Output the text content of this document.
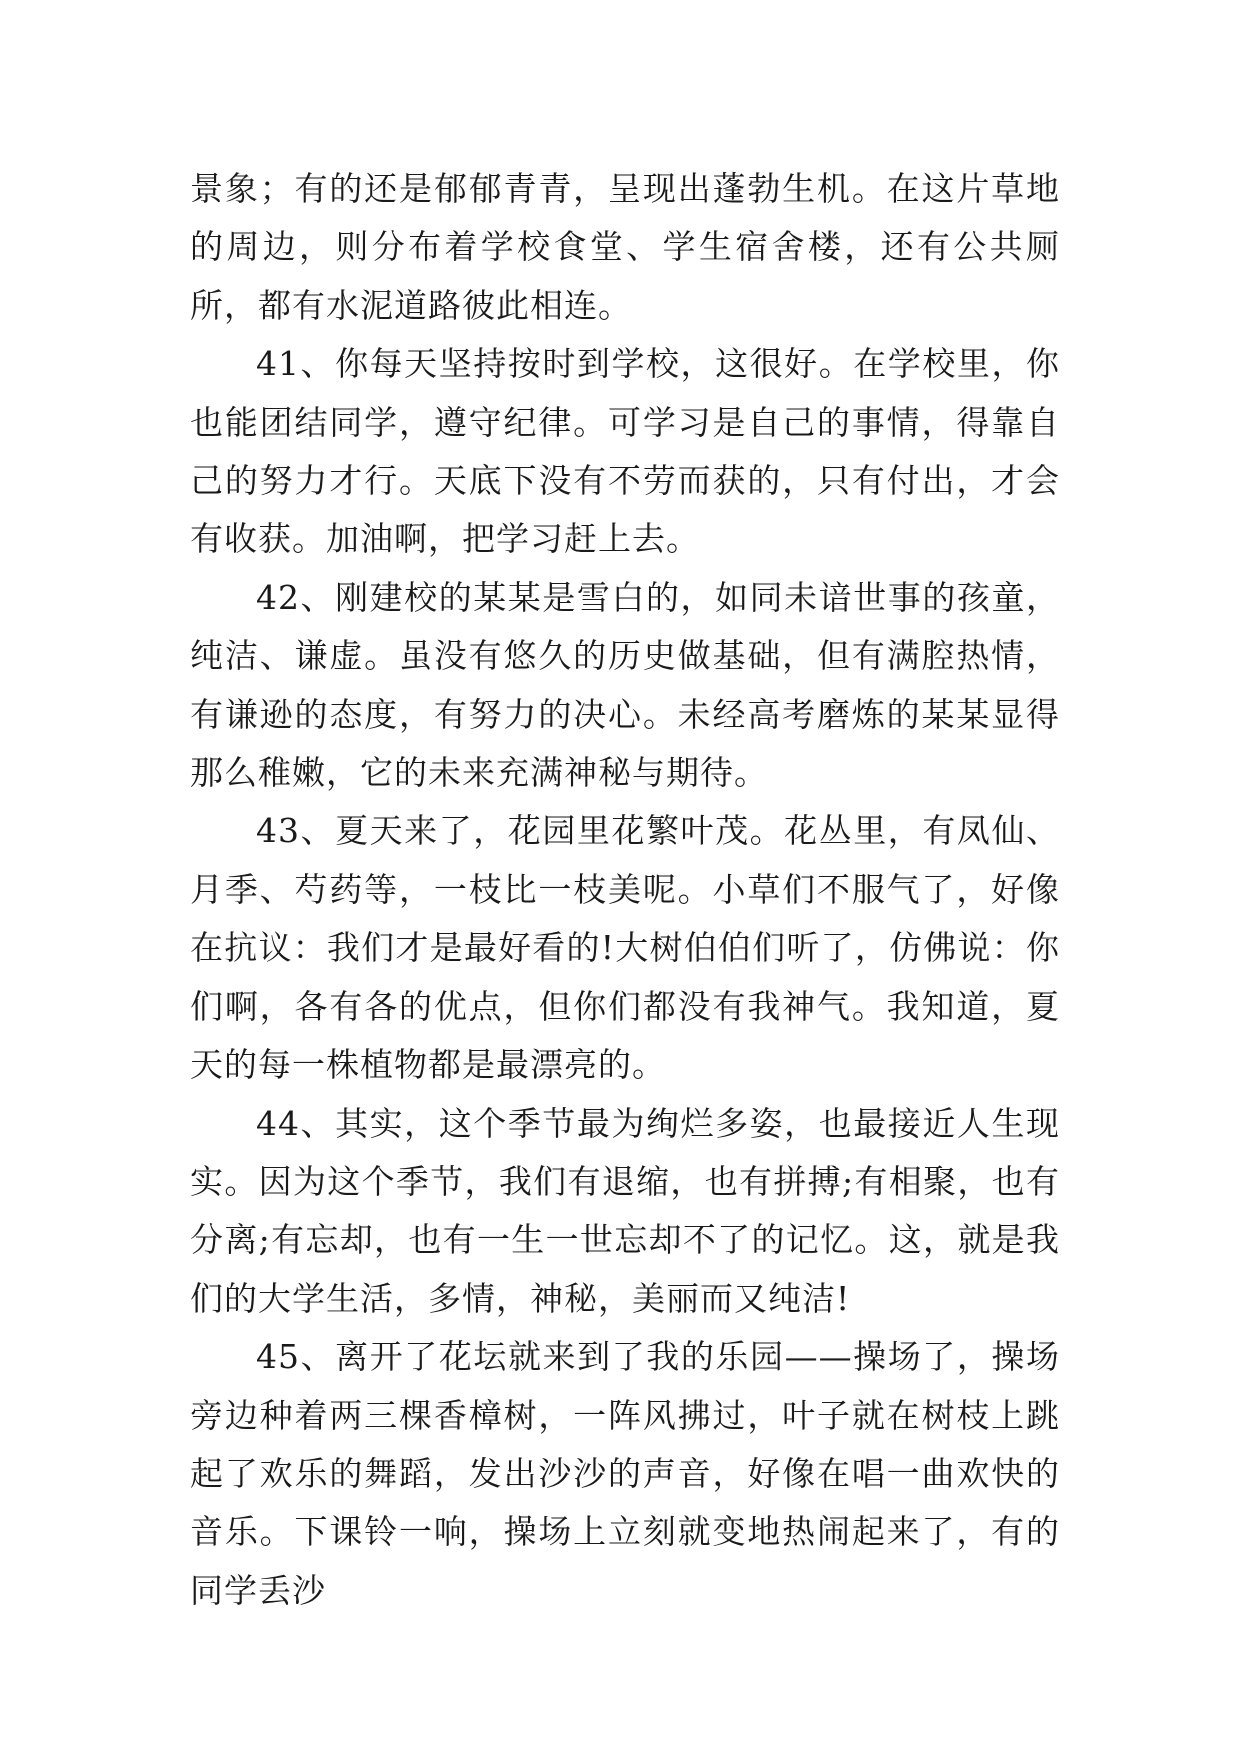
景象；有的还是郁郁青青，呈现出蓬勃生机。在这片草地的周边，则分布着学校食堂、学生宿舍楼，还有公共厕所，都有水泥道路彼此相连。

41、你每天坚持按时到学校，这很好。在学校里，你也能团结同学，遵守纪律。可学习是自己的事情，得靠自己的努力才行。天底下没有不劳而获的，只有付出，才会有收获。加油啊，把学习赶上去。

42、刚建校的某某是雪白的，如同未谙世事的孩童，纯洁、谦虚。虽没有悠久的历史做基础，但有满腔热情，有谦逊的态度，有努力的决心。未经高考磨炼的某某显得那么稚嫩，它的未来充满神秘与期待。

43、夏天来了，花园里花繁叶茂。花丛里，有凤仙、月季、芍药等，一枝比一枝美呢。小草们不服气了，好像在抗议：我们才是最好看的!大树伯伯们听了，仿佛说：你们啊，各有各的优点，但你们都没有我神气。我知道，夏天的每一株植物都是最漂亮的。

44、其实，这个季节最为绚烂多姿，也最接近人生现实。因为这个季节，我们有退缩，也有拼搏;有相聚，也有分离;有忘却，也有一生一世忘却不了的记忆。这，就是我们的大学生活，多情，神秘，美丽而又纯洁!

45、离开了花坛就来到了我的乐园——操场了，操场旁边种着两三棵香樟树，一阵风拂过，叶子就在树枝上跳起了欢乐的舞蹈，发出沙沙的声音，好像在唱一曲欢快的音乐。下课铃一响，操场上立刻就变地热闹起来了，有的同学丢沙
